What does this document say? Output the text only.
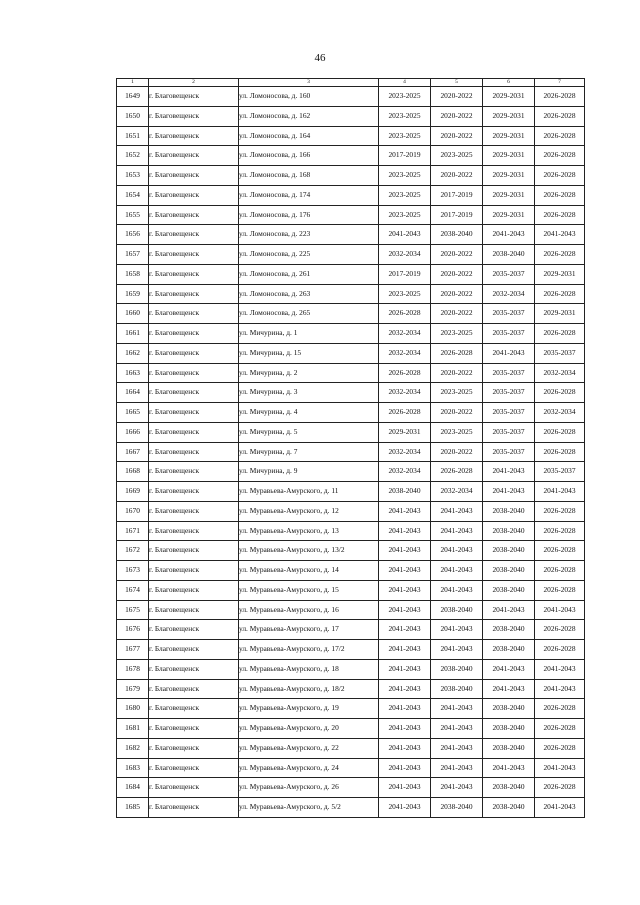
46
1	2	3	4	5	6	7
1649	г. Благовещенск	ул. Ломоносова, д. 160	2023-2025	2020-2022	2029-2031	2026-2028
1650	г. Благовещенск	ул. Ломоносова, д. 162	2023-2025	2020-2022	2029-2031	2026-2028
1651	г. Благовещенск	ул. Ломоносова, д. 164	2023-2025	2020-2022	2029-2031	2026-2028
1652	г. Благовещенск	ул. Ломоносова, д. 166	2017-2019	2023-2025	2029-2031	2026-2028
1653	г. Благовещенск	ул. Ломоносова, д. 168	2023-2025	2020-2022	2029-2031	2026-2028
1654	г. Благовещенск	ул. Ломоносова, д. 174	2023-2025	2017-2019	2029-2031	2026-2028
1655	г. Благовещенск	ул. Ломоносова, д. 176	2023-2025	2017-2019	2029-2031	2026-2028
1656	г. Благовещенск	ул. Ломоносова, д. 223	2041-2043	2038-2040	2041-2043	2041-2043
1657	г. Благовещенск	ул. Ломоносова, д. 225	2032-2034	2020-2022	2038-2040	2026-2028
1658	г. Благовещенск	ул. Ломоносова, д. 261	2017-2019	2020-2022	2035-2037	2029-2031
1659	г. Благовещенск	ул. Ломоносова, д. 263	2023-2025	2020-2022	2032-2034	2026-2028
1660	г. Благовещенск	ул. Ломоносова, д. 265	2026-2028	2020-2022	2035-2037	2029-2031
1661	г. Благовещенск	ул. Мичурина, д. 1	2032-2034	2023-2025	2035-2037	2026-2028
1662	г. Благовещенск	ул. Мичурина, д. 15	2032-2034	2026-2028	2041-2043	2035-2037
1663	г. Благовещенск	ул. Мичурина, д. 2	2026-2028	2020-2022	2035-2037	2032-2034
1664	г. Благовещенск	ул. Мичурина, д. 3	2032-2034	2023-2025	2035-2037	2026-2028
1665	г. Благовещенск	ул. Мичурина, д. 4	2026-2028	2020-2022	2035-2037	2032-2034
1666	г. Благовещенск	ул. Мичурина, д. 5	2029-2031	2023-2025	2035-2037	2026-2028
1667	г. Благовещенск	ул. Мичурина, д. 7	2032-2034	2020-2022	2035-2037	2026-2028
1668	г. Благовещенск	ул. Мичурина, д. 9	2032-2034	2026-2028	2041-2043	2035-2037
1669	г. Благовещенск	ул. Муравьева-Амурского, д. 11	2038-2040	2032-2034	2041-2043	2041-2043
1670	г. Благовещенск	ул. Муравьева-Амурского, д. 12	2041-2043	2041-2043	2038-2040	2026-2028
1671	г. Благовещенск	ул. Муравьева-Амурского, д. 13	2041-2043	2041-2043	2038-2040	2026-2028
1672	г. Благовещенск	ул. Муравьева-Амурского, д. 13/2	2041-2043	2041-2043	2038-2040	2026-2028
1673	г. Благовещенск	ул. Муравьева-Амурского, д. 14	2041-2043	2041-2043	2038-2040	2026-2028
1674	г. Благовещенск	ул. Муравьева-Амурского, д. 15	2041-2043	2041-2043	2038-2040	2026-2028
1675	г. Благовещенск	ул. Муравьева-Амурского, д. 16	2041-2043	2038-2040	2041-2043	2041-2043
1676	г. Благовещенск	ул. Муравьева-Амурского, д. 17	2041-2043	2041-2043	2038-2040	2026-2028
1677	г. Благовещенск	ул. Муравьева-Амурского, д. 17/2	2041-2043	2041-2043	2038-2040	2026-2028
1678	г. Благовещенск	ул. Муравьева-Амурского, д. 18	2041-2043	2038-2040	2041-2043	2041-2043
1679	г. Благовещенск	ул. Муравьева-Амурского, д. 18/2	2041-2043	2038-2040	2041-2043	2041-2043
1680	г. Благовещенск	ул. Муравьева-Амурского, д. 19	2041-2043	2041-2043	2038-2040	2026-2028
1681	г. Благовещенск	ул. Муравьева-Амурского, д. 20	2041-2043	2041-2043	2038-2040	2026-2028
1682	г. Благовещенск	ул. Муравьева-Амурского, д. 22	2041-2043	2041-2043	2038-2040	2026-2028
1683	г. Благовещенск	ул. Муравьева-Амурского, д. 24	2041-2043	2041-2043	2041-2043	2041-2043
1684	г. Благовещенск	ул. Муравьева-Амурского, д. 26	2041-2043	2041-2043	2038-2040	2026-2028
1685	г. Благовещенск	ул. Муравьева-Амурского, д. 5/2	2041-2043	2038-2040	2038-2040	2041-2043
